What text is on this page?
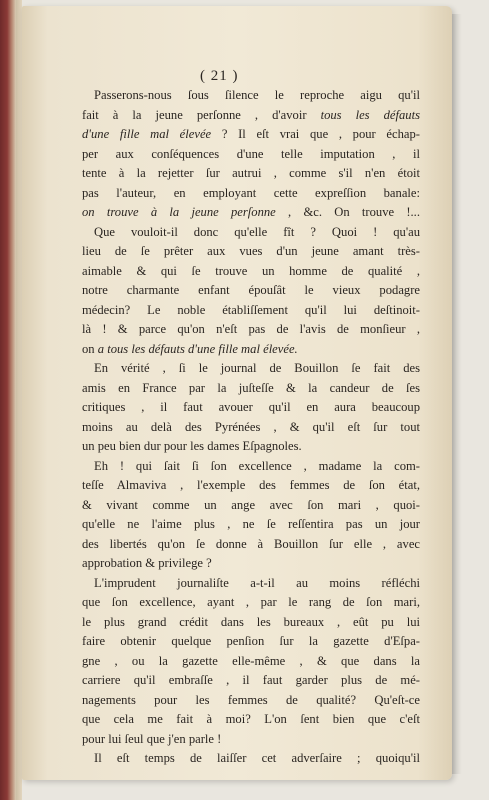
( 21 )
Passerons-nous ſous ſilence le reproche aigu qu'il
fait à la jeune perſonne , d'avoir tous les défauts
d'une fille mal élevée ? Il eſt vrai que , pour échap-
per aux conſéquences d'une telle imputation , il
tente à la rejetter ſur autrui , comme s'il n'en étoit
pas l'auteur, en employant cette expreſſion banale:
on trouve à la jeune perſonne , &c. On trouve !...
Que vouloit-il donc qu'elle fît ? Quoi ! qu'au
lieu de ſe prêter aux vues d'un jeune amant très-
aimable & qui ſe trouve un homme de qualité ,
notre charmante enfant épouſât le vieux podagre
médecin? Le noble établiſſement qu'il lui deſtinoit-
là ! & parce qu'on n'eſt pas de l'avis de monſieur ,
on a tous les défauts d'une fille mal élevée.
En vérité , ſi le journal de Bouillon ſe fait des
amis en France par la juſteſſe & la candeur de ſes
critiques , il faut avouer qu'il en aura beaucoup
moins au delà des Pyrénées , & qu'il eſt ſur tout
un peu bien dur pour les dames Eſpagnoles.
Eh ! qui ſait ſi ſon excellence , madame la com-
teſſe Almaviva , l'exemple des femmes de ſon état,
& vivant comme un ange avec ſon mari , quoi-
qu'elle ne l'aime plus , ne ſe reſſentira pas un jour
des libertés qu'on ſe donne à Bouillon ſur elle , avec
approbation & privilege ?
L'imprudent journaliſte a-t-il au moins réfléchi
que ſon excellence, ayant , par le rang de ſon mari,
le plus grand crédit dans les bureaux , eût pu lui
faire obtenir quelque penſion ſur la gazette d'Eſpa-
gne , ou la gazette elle-même , & que dans la
carriere qu'il embraſſe , il faut garder plus de mé-
nagements pour les femmes de qualité? Qu'eſt-ce
que cela me fait à moi? L'on ſent bien que c'eſt
pour lui ſeul que j'en parle !
Il eſt temps de laiſſer cet adverſaire ; quoiqu'il
